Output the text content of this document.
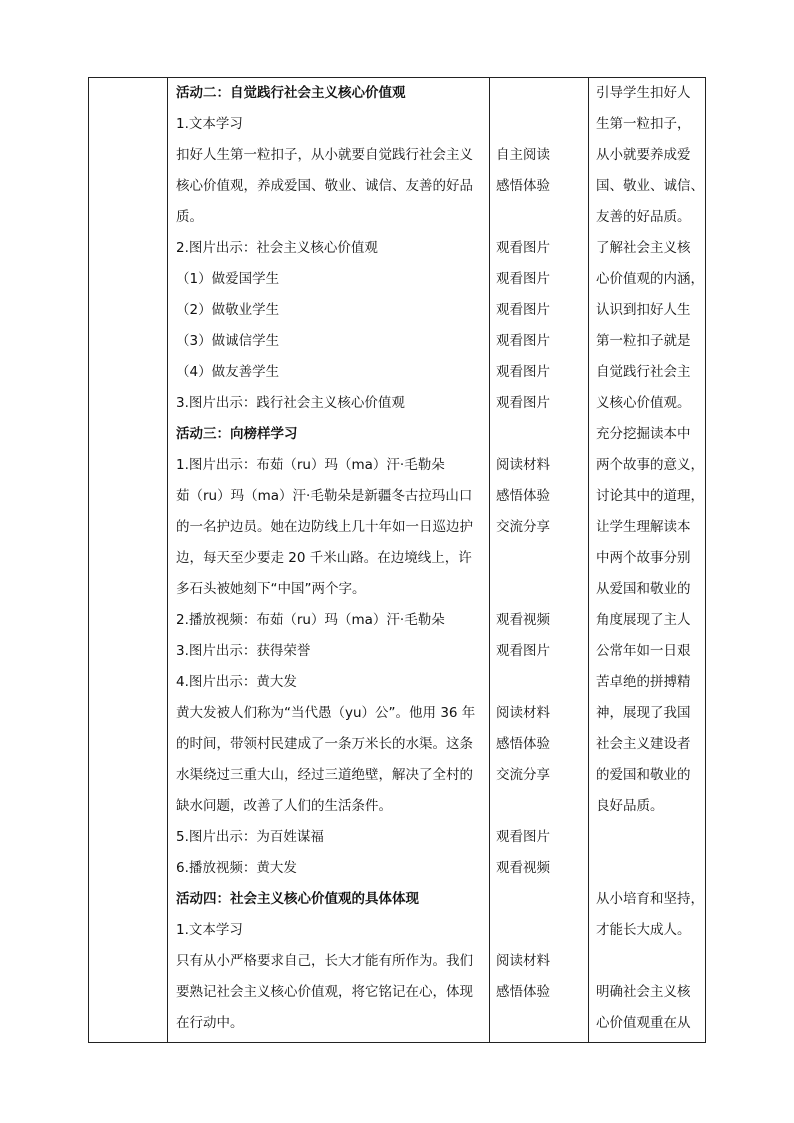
活动二：自觉践行社会主义核心价值观
1.文本学习
扣好人生第一粒扣子，从小就要自觉践行社会主义
核心价值观，养成爱国、敬业、诚信、友善的好品
质。
2.图片出示：社会主义核心价值观
（1）做爱国学生
（2）做敬业学生
（3）做诚信学生
（4）做友善学生
3.图片出示：践行社会主义核心价值观
活动三：向榜样学习
1.图片出示：布茹（ru）玛（ma）汗·毛勒朵
茹（ru）玛（ma）汗·毛勒朵是新疆冬古拉玛山口
的一名护边员。她在边防线上几十年如一日巡边护
边，每天至少要走 20 千米山路。在边境线上，许
多石头被她刻下“中国”两个字。
2.播放视频：布茹（ru）玛（ma）汗·毛勒朵
3.图片出示：获得荣誉
4.图片出示：黄大发
黄大发被人们称为“当代愚（yu）公”。他用 36 年
的时间，带领村民建成了一条万米长的水渠。这条
水渠绕过三重大山，经过三道绝壁，解决了全村的
缺水问题，改善了人们的生活条件。
5.图片出示：为百姓谋福
6.播放视频：黄大发
活动四：社会主义核心价值观的具体体现
1.文本学习
只有从小严格要求自己，长大才能有所作为。我们
要熟记社会主义核心价值观，将它铭记在心，体现
在行动中。
自主阅读
感悟体验
观看图片
观看图片
观看图片
观看图片
观看图片
观看图片
阅读材料
感悟体验
交流分享
观看视频
观看图片
阅读材料
感悟体验
交流分享
观看图片
观看视频
阅读材料
感悟体验
引导学生扣好人
生第一粒扣子，
从小就要养成爱
国、敬业、诚信、
友善的好品质。
了解社会主义核
心价值观的内涵，
认识到扣好人生
第一粒扣子就是
自觉践行社会主
义核心价值观。
充分挖掘读本中
两个故事的意义，
讨论其中的道理，
让学生理解读本
中两个故事分别
从爱国和敬业的
角度展现了主人
公常年如一日艰
苦卓绝的拼搏精
神，展现了我国
社会主义建设者
的爱国和敬业的
良好品质。
从小培育和坚持，
才能长大成人。
明确社会主义核
心价值观重在从
